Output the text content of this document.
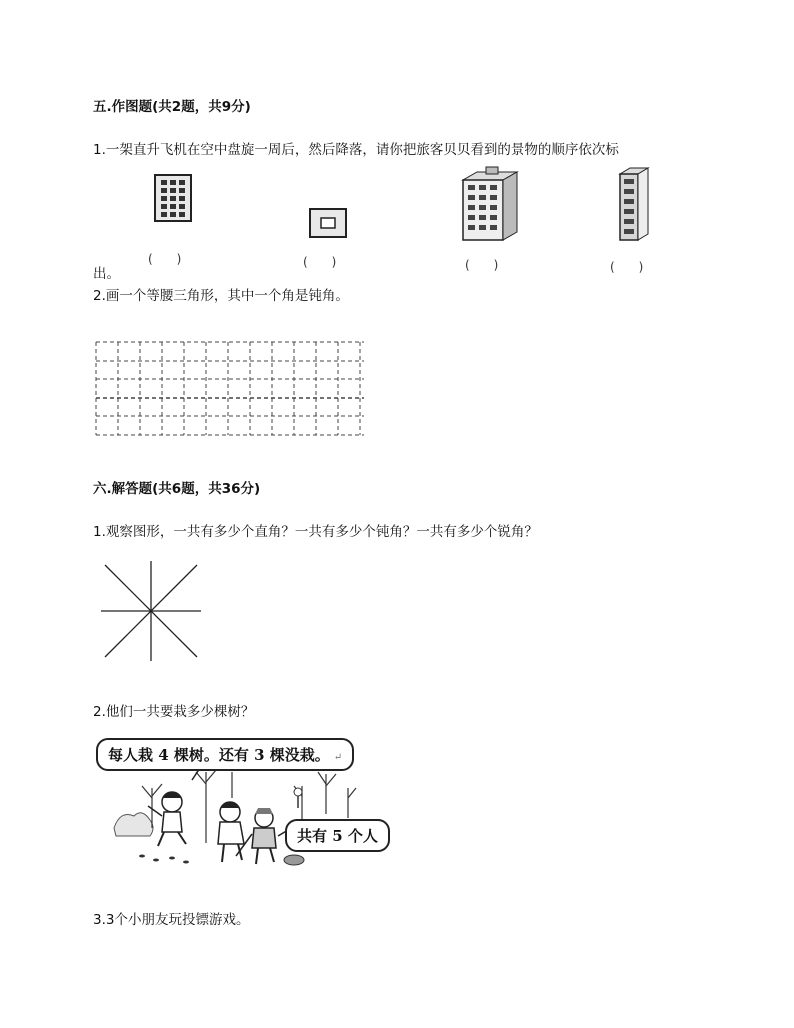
五.作图题(共2题，共9分)
1.一架直升飞机在空中盘旋一周后，然后降落，请你把旅客贝贝看到的景物的顺序依次标
(　　)	(　　)	(　　)	(　　)
出。
2.画一个等腰三角形，其中一个角是钝角。
六.解答题(共6题，共36分)
1.观察图形，一共有多少个直角？一共有多少个钝角？一共有多少个锐角？
2.他们一共要栽多少棵树？
每人栽 4 棵树。还有 3 棵没栽。 ↵
共有 5 个人
3.3个小朋友玩投镖游戏。
